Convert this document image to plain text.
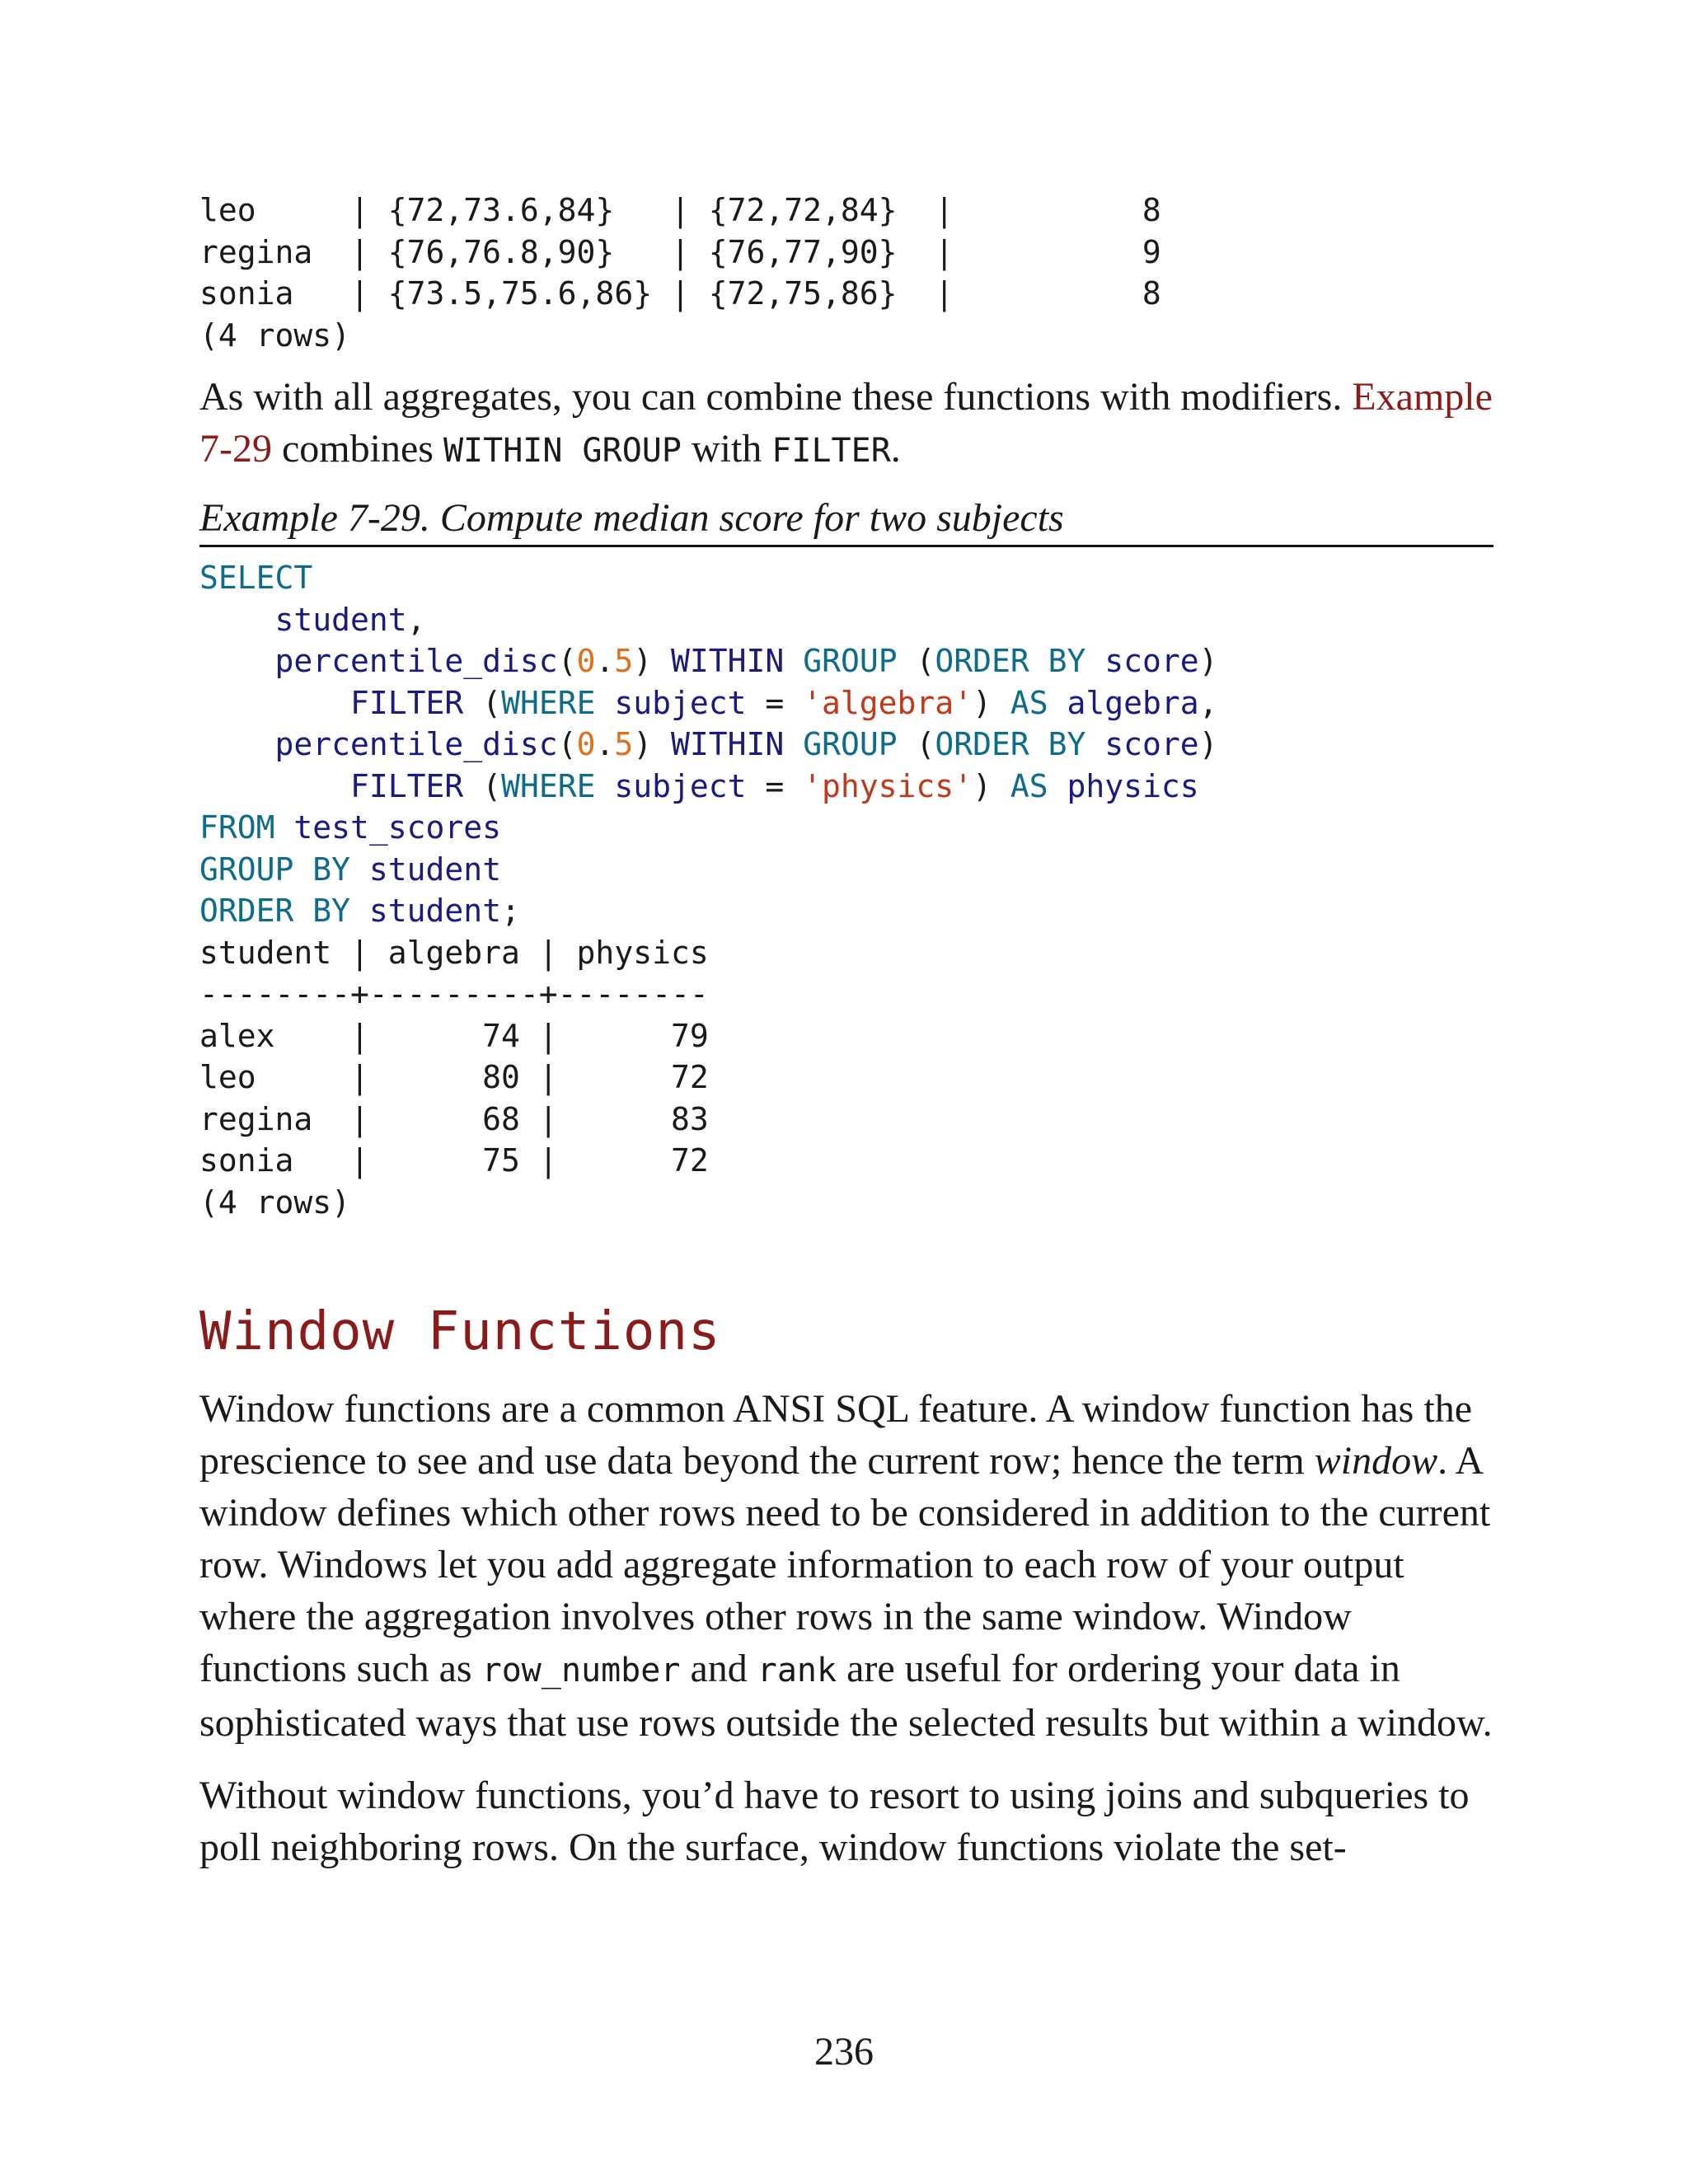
leo     | {72,73.6,84}   | {72,72,84}  |          8
regina  | {76,76.8,90}   | {76,77,90}  |          9
sonia   | {73.5,75.6,86} | {72,75,86}  |          8
(4 rows)

As with all aggregates, you can combine these functions with modifiers. Example 7-29 combines WITHIN GROUP with FILTER.

Example 7-29. Compute median score for two subjects

SELECT
student,
percentile_disc(0.5) WITHIN GROUP (ORDER BY score)
FILTER (WHERE subject = 'algebra') AS algebra,
percentile_disc(0.5) WITHIN GROUP (ORDER BY score)
FILTER (WHERE subject = 'physics') AS physics
FROM test_scores
GROUP BY student
ORDER BY student;
student | algebra | physics
--------+---------+--------
alex    |      74 |      79
leo     |      80 |      72
regina  |      68 |      83
sonia   |      75 |      72
(4 rows)
Window Functions

Window functions are a common ANSI SQL feature. A window function has the prescience to see and use data beyond the current row; hence the term window. A window defines which other rows need to be considered in addition to the current row. Windows let you add aggregate information to each row of your output where the aggregation involves other rows in the same window. Window functions such as row_number and rank are useful for ordering your data in sophisticated ways that use rows outside the selected results but within a window.

Without window functions, you’d have to resort to using joins and subqueries to poll neighboring rows. On the surface, window functions violate the set-

236
